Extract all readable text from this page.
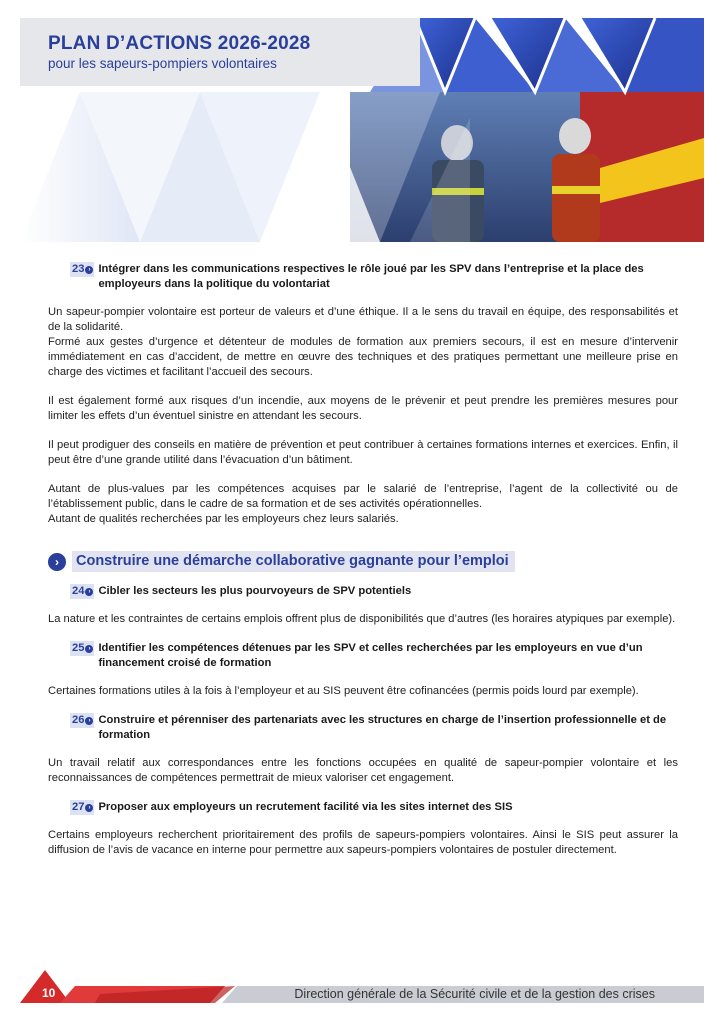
PLAN D’ACTIONS 2026-2028
pour les sapeurs-pompiers volontaires
23 › Intégrer dans les communications respectives le rôle joué par les SPV dans l’entreprise et la place des employeurs dans la politique du volontariat

Un sapeur-pompier volontaire est porteur de valeurs et d’une éthique. Il a le sens du travail en équipe, des responsabilités et de la solidarité.

Formé aux gestes d’urgence et détenteur de modules de formation aux premiers secours, il est en mesure d’intervenir immédiatement en cas d’accident, de mettre en œuvre des techniques et des pratiques permettant une meilleure prise en charge des victimes et facilitant l’accueil des secours.

Il est également formé aux risques d’un incendie, aux moyens de le prévenir et peut prendre les premières mesures pour limiter les effets d’un éventuel sinistre en attendant les secours.

Il peut prodiguer des conseils en matière de prévention et peut contribuer à certaines formations internes et exercices. Enfin, il peut être d’une grande utilité dans l’évacuation d’un bâtiment.

Autant de plus-values par les compétences acquises par le salarié de l’entreprise, l’agent de la collectivité ou de l’établissement public, dans le cadre de sa formation et de ses activités opérationnelles.

Autant de qualités recherchées par les employeurs chez leurs salariés.

›	Construire une démarche collaborative gagnante pour l’emploi
24 › Cibler les secteurs les plus pourvoyeurs de SPV potentiels

La nature et les contraintes de certains emplois offrent plus de disponibilités que d’autres (les horaires atypiques par exemple).

25 › Identifier les compétences détenues par les SPV et celles recherchées par les employeurs en vue d’un financement croisé de formation

Certaines formations utiles à la fois à l’employeur et au SIS peuvent être cofinancées (permis poids lourd par exemple).

26 › Construire et pérenniser des partenariats avec les structures en charge de l’insertion professionnelle et de formation

Un travail relatif aux correspondances entre les fonctions occupées en qualité de sapeur-pompier volontaire et les reconnaissances de compétences permettrait de mieux valoriser cet engagement.

27 › Proposer aux employeurs un recrutement facilité via les sites internet des SIS

Certains employeurs recherchent prioritairement des profils de sapeurs-pompiers volontaires. Ainsi le SIS peut assurer la diffusion de l’avis de vacance en interne pour permettre aux sapeurs-pompiers volontaires de postuler directement.

10	Direction générale de la Sécurité civile et de la gestion des crises
